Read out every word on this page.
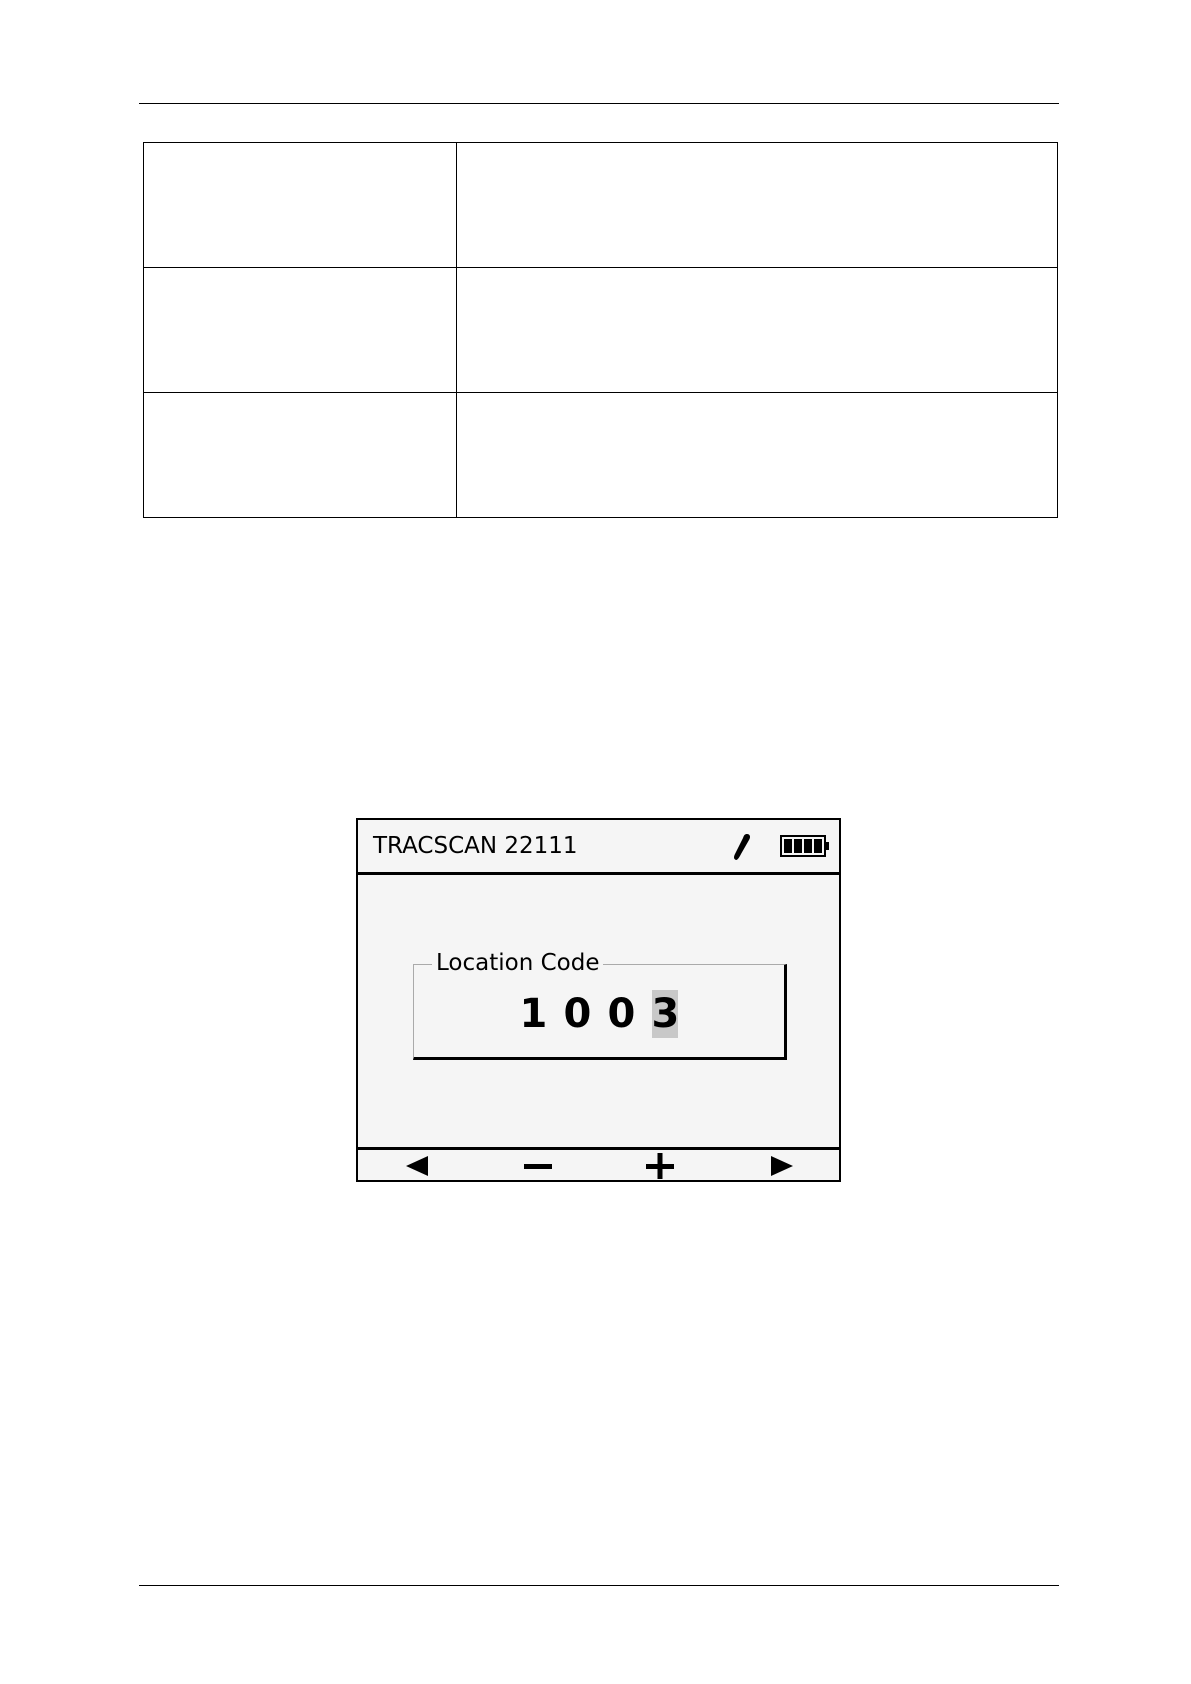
TRACSCAN 22111
Location Code
1 0 0 3
